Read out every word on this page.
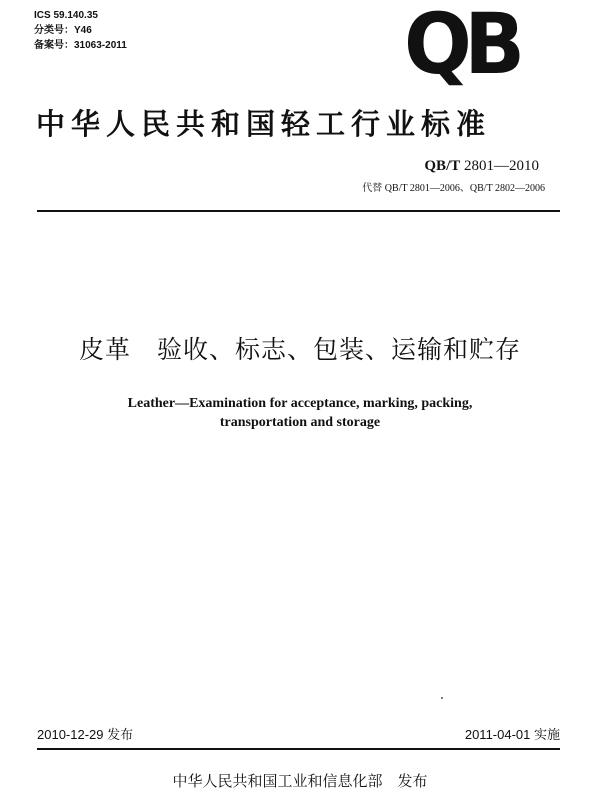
ICS 59.140.35
分类号：Y46
备案号：31063-2011	QB
中华人民共和国轻工行业标准
QB/T 2801—2010
代替 QB/T 2801—2006、QB/T 2802—2006
皮革　验收、标志、包装、运输和贮存
Leather—Examination for acceptance, marking, packing,
transportation and storage
2010-12-29 发布	2011-04-01 实施
中华人民共和国工业和信息化部　发布
